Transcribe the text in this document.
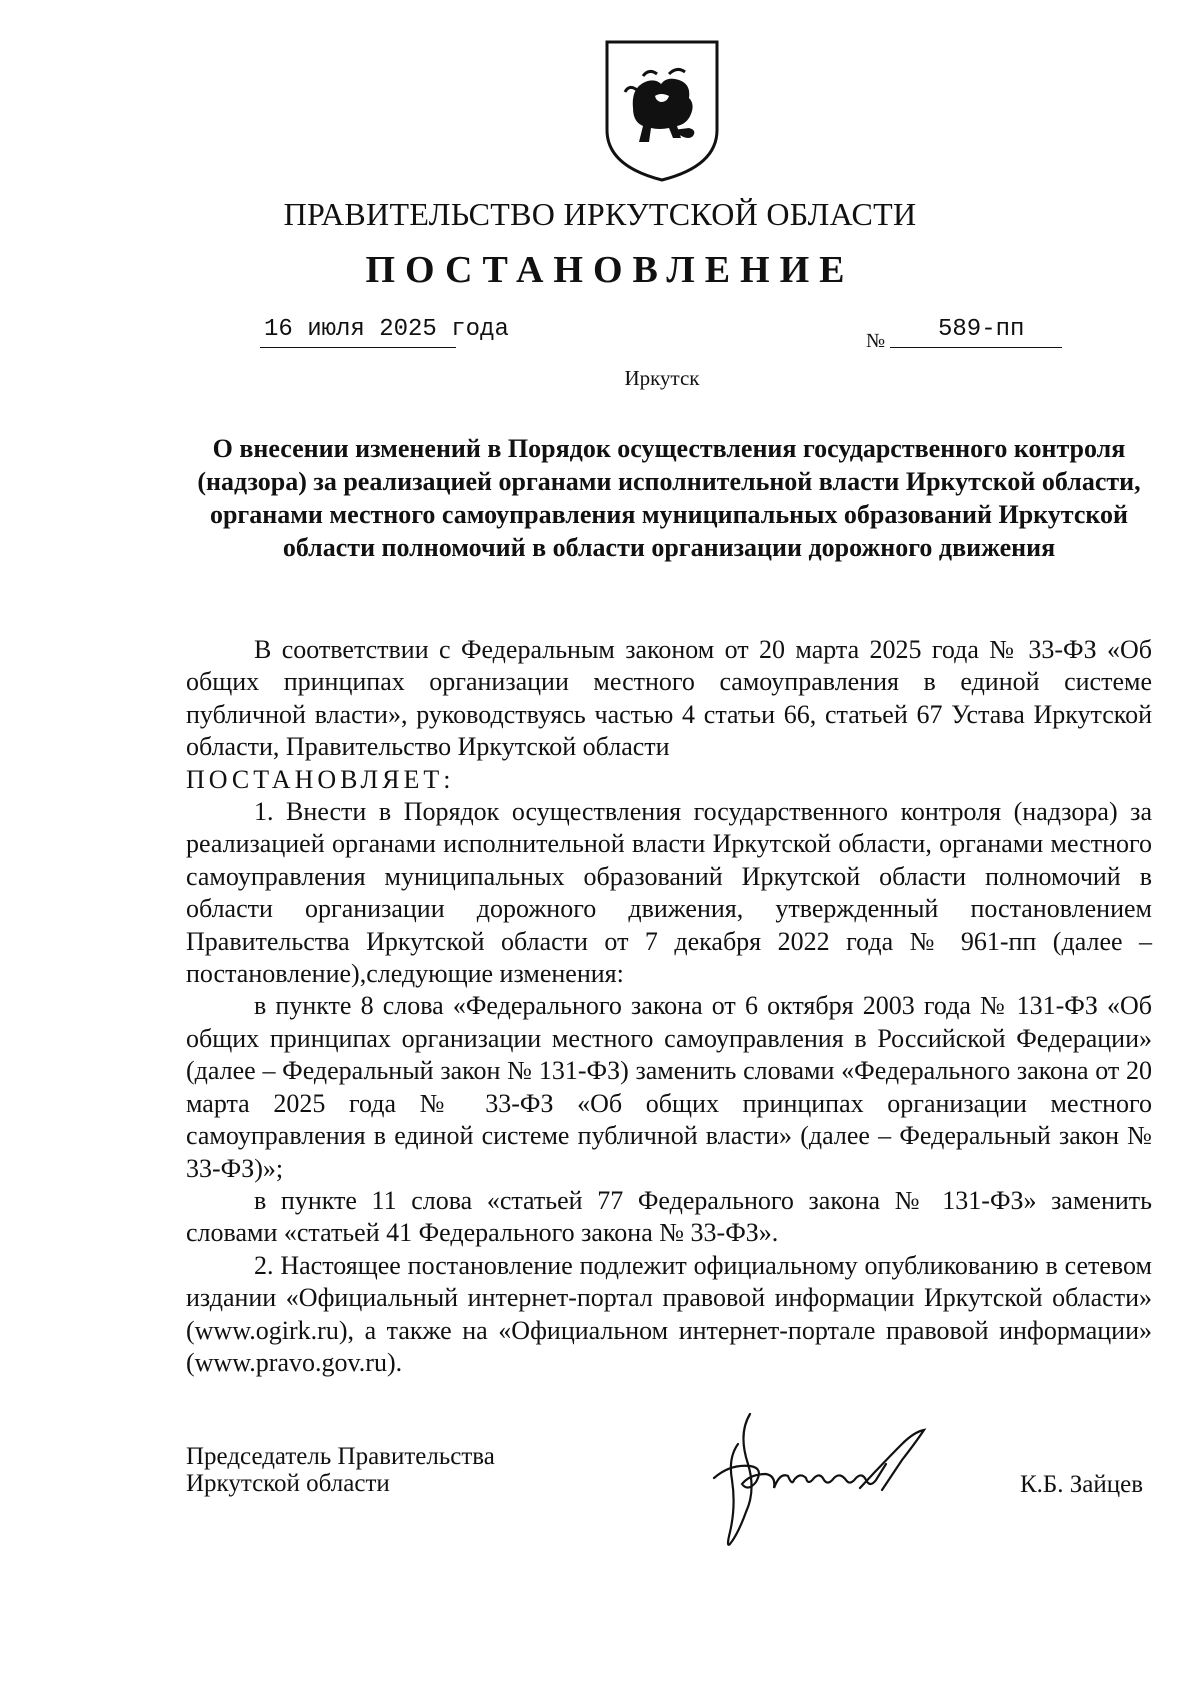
ПРАВИТЕЛЬСТВО ИРКУТСКОЙ ОБЛАСТИ
ПОСТАНОВЛЕНИЕ
16 июля 2025 года	№ 589-пп
Иркутск
О внесении изменений в Порядок осуществления государственного контроля (надзора) за реализацией органами исполнительной власти Иркутской области, органами местного самоуправления муниципальных образований Иркутской области полномочий в области организации дорожного движения

В соответствии с Федеральным законом от 20 марта 2025 года № 33-ФЗ «Об общих принципах организации местного самоуправления в единой системе публичной власти», руководствуясь частью 4 статьи 66, статьей 67 Устава Иркутской области, Правительство Иркутской области

ПОСТАНОВЛЯЕТ:

1. Внести в Порядок осуществления государственного контроля (надзора) за реализацией органами исполнительной власти Иркутской области, органами местного самоуправления муниципальных образований Иркутской области полномочий в области организации дорожного движения, утвержденный постановлением Правительства Иркутской области от 7 декабря 2022 года № 961-пп (далее – постановление),следующие изменения:

в пункте 8 слова «Федерального закона от 6 октября 2003 года № 131-ФЗ «Об общих принципах организации местного самоуправления в Российской Федерации» (далее – Федеральный закон № 131-ФЗ) заменить словами «Федерального закона от 20 марта 2025 года № 33-ФЗ «Об общих принципах организации местного самоуправления в единой системе публичной власти» (далее – Федеральный закон № 33-ФЗ)»;

в пункте 11 слова «статьей 77 Федерального закона № 131-ФЗ» заменить словами «статьей 41 Федерального закона № 33-ФЗ».

2. Настоящее постановление подлежит официальному опубликованию в сетевом издании «Официальный интернет-портал правовой информации Иркутской области» (www.ogirk.ru), а также на «Официальном интернет-портале правовой информации» (www.pravo.gov.ru).

Председатель Правительства
Иркутской области	К.Б. Зайцев
